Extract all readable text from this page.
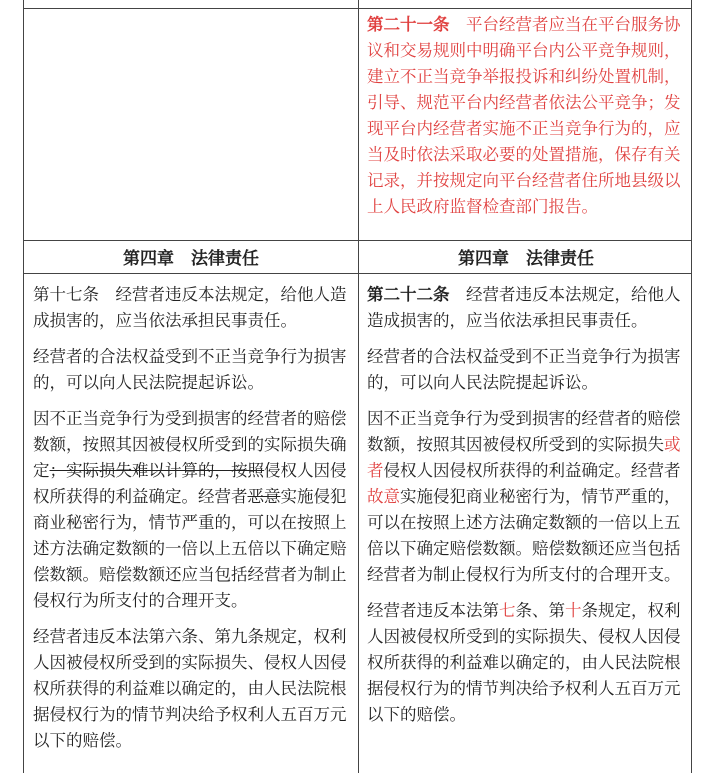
第二十一条　 平台经营者应当在平台服务协议和交易规则中明确平台内公平竞争规则，建立不正当竞争举报投诉和纠纷处置机制，引导、规范平台内经营者依法公平竞争；发现平台内经营者实施不正当竞争行为的，应当及时依法采取必要的处置措施，保存有关记录，并按规定向平台经营者住所地县级以上人民政府监督检查部门报告。

第四章　法律责任	第四章　法律责任

第十七条　 经营者违反本法规定，给他人造成损害的，应当依法承担民事责任。

经营者的合法权益受到不正当竞争行为损害的，可以向人民法院提起诉讼。

因不正当竞争行为受到损害的经营者的赔偿数额，按照其因被侵权所受到的实际损失确定；实际损失难以计算的，按照侵权人因侵权所获得的利益确定。经营者恶意实施侵犯商业秘密行为，情节严重的，可以在按照上述方法确定数额的一倍以上五倍以下确定赔偿数额。赔偿数额还应当包括经营者为制止侵权行为所支付的合理开支。

经营者违反本法第六条、第九条规定，权利人因被侵权所受到的实际损失、侵权人因侵权所获得的利益难以确定的，由人民法院根据侵权行为的情节判决给予权利人五百万元以下的赔偿。

第二十二条　 经营者违反本法规定，给他人造成损害的，应当依法承担民事责任。

经营者的合法权益受到不正当竞争行为损害的，可以向人民法院提起诉讼。

因不正当竞争行为受到损害的经营者的赔偿数额，按照其因被侵权所受到的实际损失或者侵权人因侵权所获得的利益确定。经营者故意实施侵犯商业秘密行为，情节严重的，可以在按照上述方法确定数额的一倍以上五倍以下确定赔偿数额。赔偿数额还应当包括经营者为制止侵权行为所支付的合理开支。

经营者违反本法第七条、第十条规定，权利人因被侵权所受到的实际损失、侵权人因侵权所获得的利益难以确定的，由人民法院根据侵权行为的情节判决给予权利人五百万元以下的赔偿。
